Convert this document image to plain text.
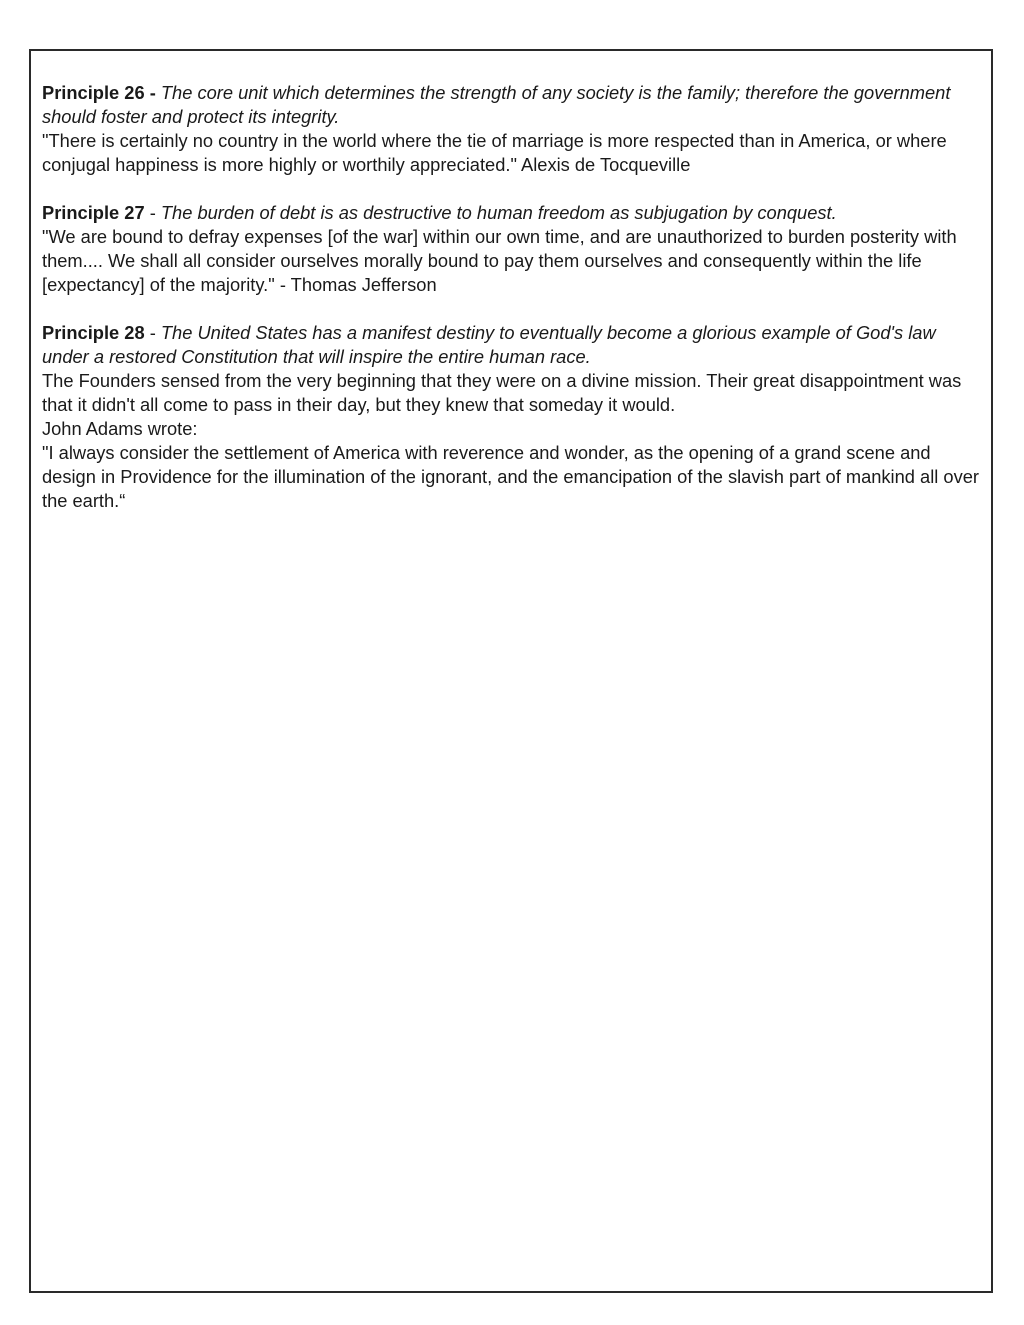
Principle 26 - The core unit which determines the strength of any society is the family; therefore the government should foster and protect its integrity.

"There is certainly no country in the world where the tie of marriage is more respected than in America, or where conjugal happiness is more highly or worthily appreciated." Alexis de Tocqueville

Principle 27 - The burden of debt is as destructive to human freedom as subjugation by conquest.

"We are bound to defray expenses [of the war] within our own time, and are unauthorized to burden posterity with them.... We shall all consider ourselves morally bound to pay them ourselves and consequently within the life [expectancy] of the majority." - Thomas Jefferson

Principle 28 - The United States has a manifest destiny to eventually become a glorious example of God's law under a restored Constitution that will inspire the entire human race.

The Founders sensed from the very beginning that they were on a divine mission. Their great disappointment was that it didn't all come to pass in their day, but they knew that someday it would.

John Adams wrote:

"I always consider the settlement of America with reverence and wonder, as the opening of a grand scene and design in Providence for the illumination of the ignorant, and the emancipation of the slavish part of mankind all over the earth.“
